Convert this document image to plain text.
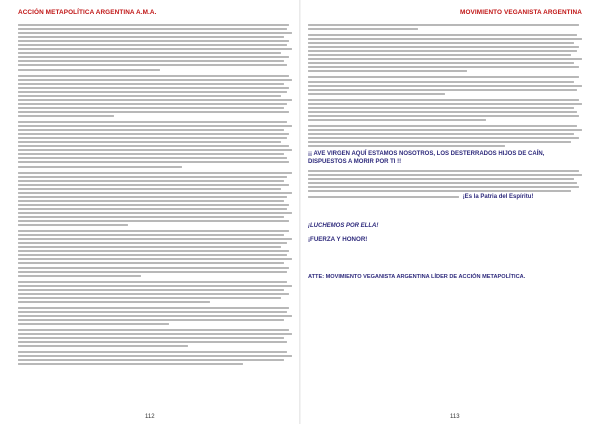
ACCIÓN METAPOLÍTICA ARGENTINA A.M.A.
112
MOVIMIENTO VEGANISTA ARGENTINA

¡¡ AVE VIRGEN AQUÍ ESTAMOS NOSOTROS, LOS DESTERRADOS HIJOS DE CAÍN, DISPUESTOS A MORIR POR TI !!

¡Es la Patria del Espíritu!

¡LUCHEMOS POR ELLA!

¡FUERZA Y HONOR!

ATTE: MOVIMIENTO VEGANISTA ARGENTINA LÍDER DE ACCIÓN METAPOLÍTICA.

113
